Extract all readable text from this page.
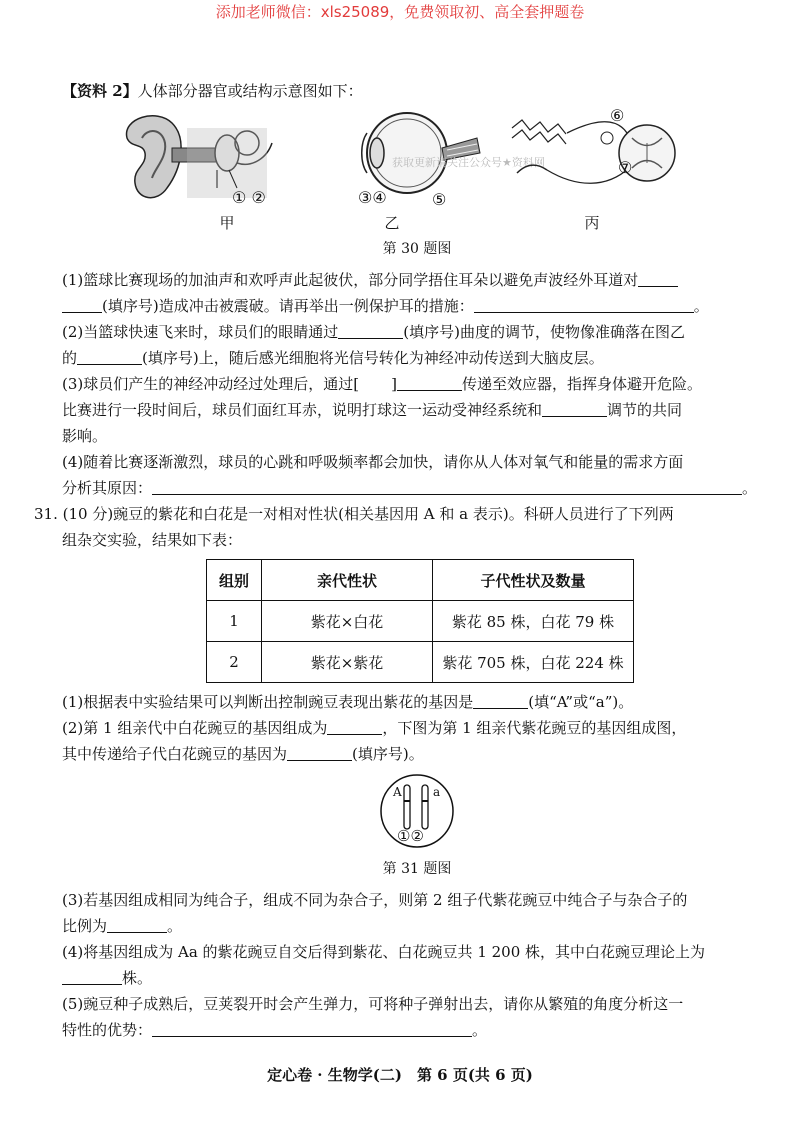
添加老师微信：xls25089，免费领取初、高全套押题卷
【资料 2】人体部分器官或结构示意图如下：
① ②
甲
③④	⑤
乙
获取更新请关注公众号★资料网
⑥
⑦
丙
第 30 题图
(1)篮球比赛现场的加油声和欢呼声此起彼伏，部分同学捂住耳朵以避免声波经外耳道对
(填序号)造成冲击被震破。请再举出一例保护耳的措施：	。
(2)当篮球快速飞来时，球员们的眼睛通过	(填序号)曲度的调节，使物像准确落在图乙
的	(填序号)上，随后感光细胞将光信号转化为神经冲动传送到大脑皮层。
(3)球员们产生的神经冲动经过处理后，通过[ ]	传递至效应器，指挥身体避开危险。
比赛进行一段时间后，球员们面红耳赤，说明打球这一运动受神经系统和	调节的共同
影响。
(4)随着比赛逐渐激烈，球员的心跳和呼吸频率都会加快，请你从人体对氧气和能量的需求方面
分析其原因：	。
31. (10 分)豌豆的紫花和白花是一对相对性状(相关基因用 A 和 a 表示)。科研人员进行了下列两
组杂交实验，结果如下表：
组别	亲代性状	子代性状及数量
1	紫花×白花	紫花 85 株，白花 79 株
2	紫花×紫花	紫花 705 株，白花 224 株
(1)根据表中实验结果可以判断出控制豌豆表现出紫花的基因是	(填“A”或“a”)。
(2)第 1 组亲代中白花豌豆的基因组成为	，下图为第 1 组亲代紫花豌豆的基因组成图，
其中传递给子代白花豌豆的基因为	(填序号)。
A	a
①②
第 31 题图
(3)若基因组成相同为纯合子，组成不同为杂合子，则第 2 组子代紫花豌豆中纯合子与杂合子的
比例为	。
(4)将基因组成为 Aa 的紫花豌豆自交后得到紫花、白花豌豆共 1 200 株，其中白花豌豆理论上为
株。
(5)豌豆种子成熟后，豆荚裂开时会产生弹力，可将种子弹射出去，请你从繁殖的角度分析这一
特性的优势：	。
定心卷 · 生物学(二)　第 6 页(共 6 页)
